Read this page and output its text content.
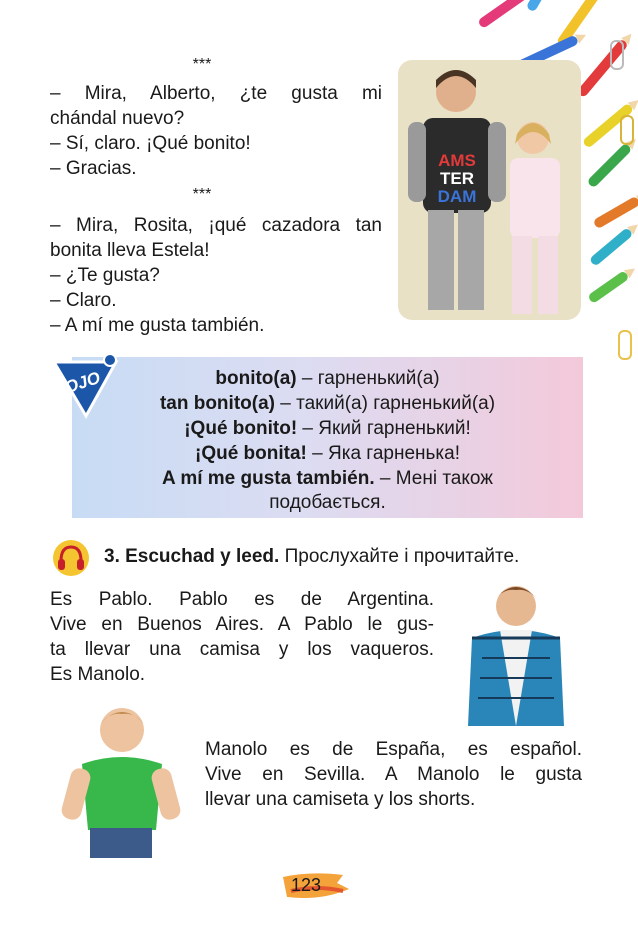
***
– Mira, Alberto, ¿te gusta mi
chándal nuevo?
– Sí, claro. ¡Qué bonito!
– Gracias.
***
– Mira, Rosita, ¡qué cazadora tan
bonita lleva Estela!
– ¿Te gusta?
– Claro.
– A mí me gusta también.
AMS
TER
DAM
bonito(a) – гарненький(а)
tan bonito(a) – такий(а) гарненький(а)
¡Qué bonito! – Який гарненький!
¡Qué bonita! – Яка гарненька!
A mí me gusta también. – Мені також
подобається.
OJO
3. Escuchad y leed. Прослухайте і прочитайте.
Es Pablo. Pablo es de Argentina.
Vive en Buenos Aires. A Pablo le gus-
ta llevar una camisa y los vaqueros.
Es Manolo.
Manolo es de España, es español.
Vive en Sevilla. A Manolo le gusta
llevar una camiseta y los shorts.
123
